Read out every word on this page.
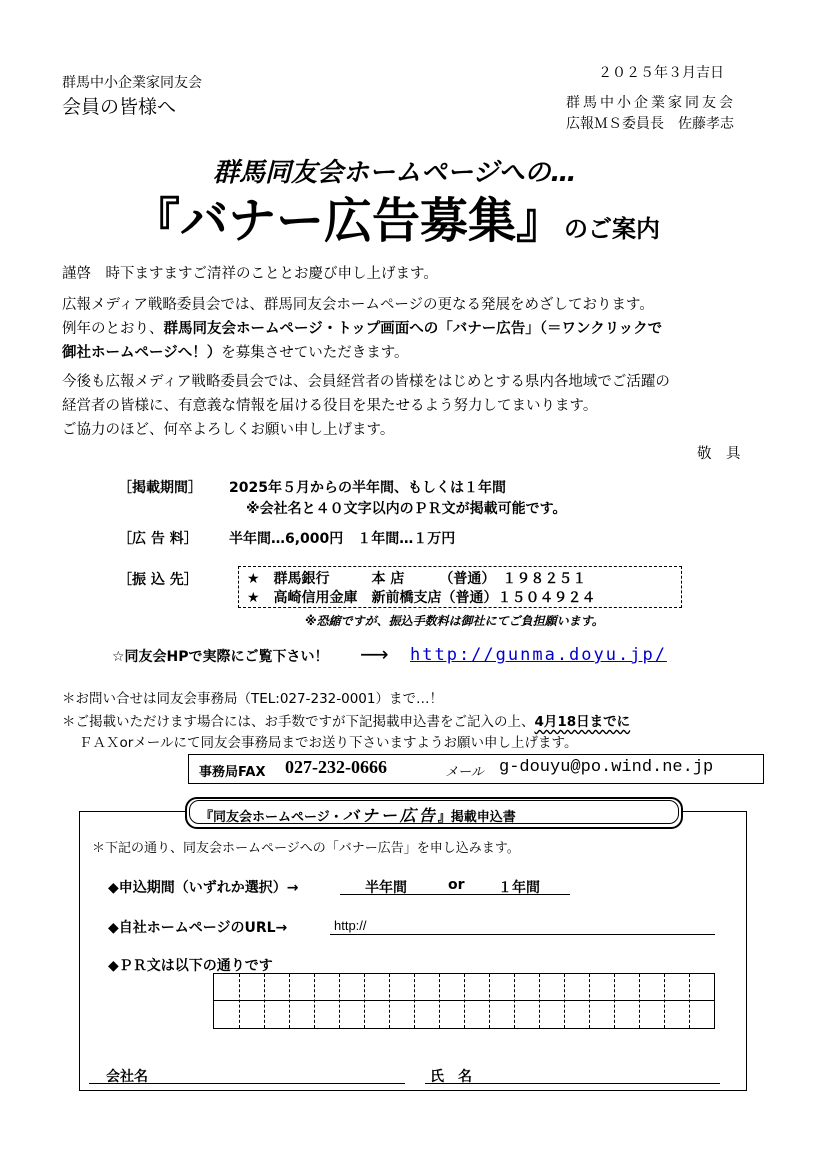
群馬中小企業家同友会
会員の皆様へ
２０２５年３月吉日
群馬中小企業家同友会
広報ＭＳ委員長　佐藤孝志
群馬同友会ホームページへの…
『バナー広告募集』のご案内
謹啓　時下ますますご清祥のこととお慶び申し上げます。
広報メディア戦略委員会では、群馬同友会ホームページの更なる発展をめざしております。
例年のとおり、群馬同友会ホームページ・トップ画面への「バナー広告」（＝ワンクリックで
御社ホームページへ！）を募集させていただきます。
今後も広報メディア戦略委員会では、会員経営者の皆様をはじめとする県内各地域でご活躍の
経営者の皆様に、有意義な情報を届ける役目を果たせるよう努力してまいります。
ご協力のほど、何卒よろしくお願い申し上げます。
敬　具
［掲載期間］ 2025年５月からの半年間、もしくは１年間
※会社名と４０文字以内のＰＲ文が掲載可能です。
［広 告 料］ 半年間…6,000円　１年間…１万円
［振 込 先］	★　群馬銀行　　　本 店　　　（普通）　１９８２５１
★　高崎信用金庫　新前橋支店（普通）１５０４９２４
※恐縮ですが、振込手数料は御社にてご負担願います。
☆同友会HPで実際にご覧下さい！ ⟶ http://gunma.doyu.jp/
＊お問い合せは同友会事務局（TEL:027-232-0001）まで…！
＊ご掲載いただけます場合には、お手数ですが下記掲載申込書をご記入の上、4月18日までに
ＦＡＸorメールにて同友会事務局までお送り下さいますようお願い申し上げます。
事務局FAX 027-232-0666	メール g-douyu@po.wind.ne.jp
『同友会ホームページ・バナー広告』掲載申込書
＊下記の通り、同友会ホームページへの「バナー広告」を申し込みます。
◆申込期間（いずれか選択）→	半年間	or １年間
◆自社ホームページのURL→	http://
◆ＰＲ文は以下の通りです
会社名	氏　名
